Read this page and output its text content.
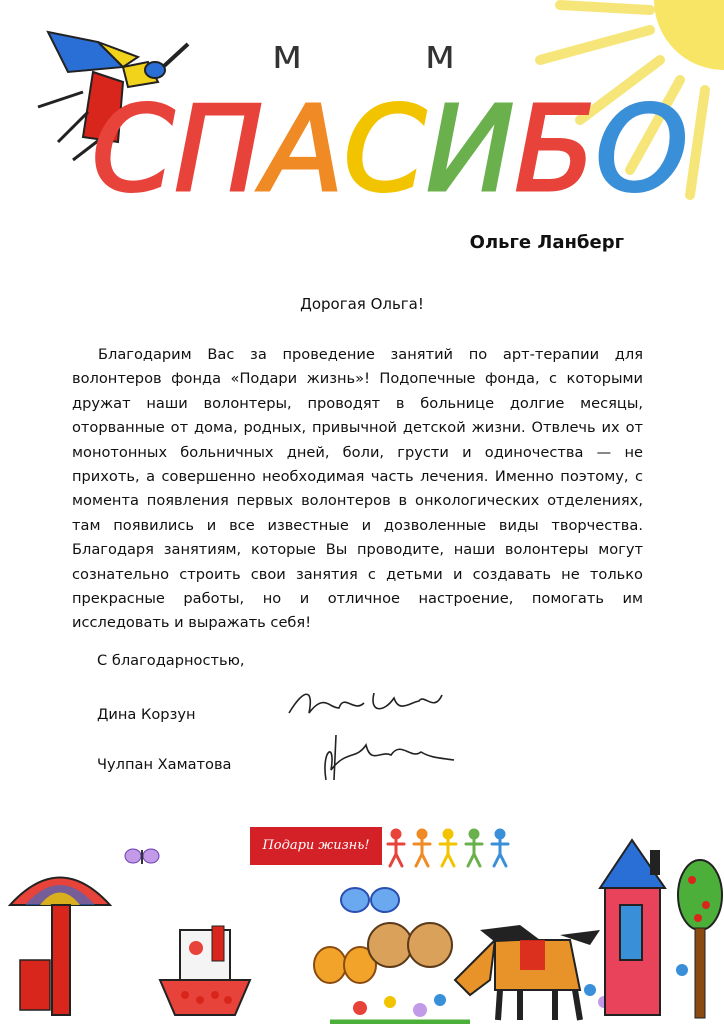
м м
СПАСИБО
Ольге Ланберг
Дорогая Ольга!

Благодарим Вас за проведение занятий по арт-терапии для волонтеров фонда «Подари жизнь»! Подопечные фонда, с которыми дружат наши волонтеры, проводят в больнице долгие месяцы, оторванные от дома, родных, привычной детской жизни. Отвлечь их от монотонных больничных дней, боли, грусти и одиночества — не прихоть, а совершенно необходимая часть лечения. Именно поэтому, с момента появления первых волонтеров в онкологических отделениях, там появились и все известные и дозволенные виды творчества. Благодаря занятиям, которые Вы проводите, наши волонтеры могут сознательно строить свои занятия с детьми и создавать не только прекрасные работы, но и отличное настроение, помогать им исследовать и выражать себя!

С благодарностью,
Дина Корзун
Чулпан Хаматова
Подари жизнь!
